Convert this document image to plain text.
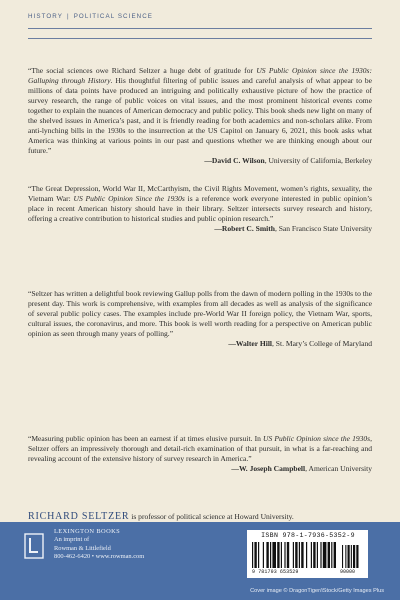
HISTORY | POLITICAL SCIENCE
“The social sciences owe Richard Seltzer a huge debt of gratitude for US Public Opinion since the 1930s: Galluping through History. His thoughtful filtering of public issues and careful analysis of what appear to be millions of data points have produced an intriguing and politically exhaustive picture of how the practice of survey research, the range of public voices on vital issues, and the most prominent historical events come together to explain the nuances of American democracy and public policy. This book sheds new light on many of the shelved issues in America’s past, and it is friendly reading for both academics and non-scholars alike. From anti-lynching bills in the 1930s to the insurrection at the US Capitol on January 6, 2021, this book asks what America was thinking at various points in our past and questions whether we are thinking enough about our future.”
—David C. Wilson, University of California, Berkeley
“The Great Depression, World War II, McCarthyism, the Civil Rights Movement, women’s rights, sexuality, the Vietnam War: US Public Opinion Since the 1930s is a reference work everyone interested in public opinion’s place in recent American history should have in their library. Seltzer intersects survey research and history, offering a creative contribution to historical studies and public opinion research.”
—Robert C. Smith, San Francisco State University
“Seltzer has written a delightful book reviewing Gallup polls from the dawn of modern polling in the 1930s to the present day. This work is comprehensive, with examples from all decades as well as analysis of the significance of several public policy cases. The examples include pre-World War II foreign policy, the Vietnam War, sports, cultural issues, the coronavirus, and more. This book is well worth reading for a perspective on American public opinion as seen through many years of polling.”
—Walter Hill, St. Mary’s College of Maryland
“Measuring public opinion has been an earnest if at times elusive pursuit. In US Public Opinion since the 1930s, Seltzer offers an impressively thorough and detail-rich examination of that pursuit, in what is a far-reaching and revealing account of the extensive history of survey research in America.”
—W. Joseph Campbell, American University
RICHARD SELTZER is professor of political science at Howard University.
LEXINGTON BOOKS
An imprint of
Rowman & Littlefield
800-462-6420 • www.rowman.com
ISBN 978-1-7936-5352-9
9 781793 653529	90000
Cover image © DragonTiger/iStock/Getty Images Plus
